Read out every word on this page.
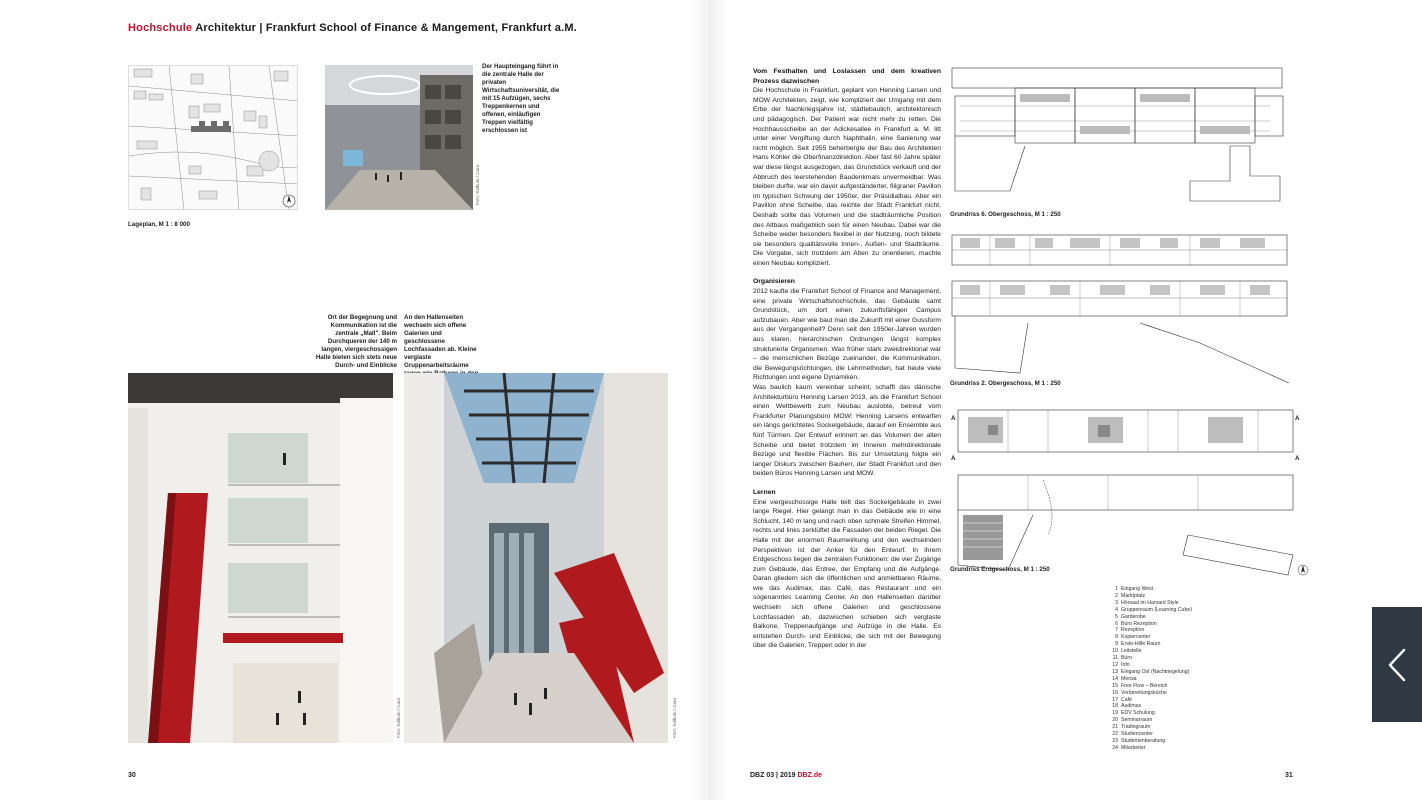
Hochschule Architektur | Frankfurt School of Finance & Mangement, Frankfurt a.M.
Lageplan, M 1 : 8 000
Foto: Kalkum / Cara
Der Haupteingang führt in die zentrale Halle der privaten Wirtschaftsuniversität, die mit 15 Aufzügen, sechs Treppenkernen und offenen, einläufigen Treppen vielfältig erschlossen ist
Ort der Begegnung und Kommunikation ist die zentrale „Mall". Beim Durchqueren der 140 m langen, viergeschossigen Halle bieten sich stets neue Durch- und Einblicke
An den Hallenseiten wechseln sich offene Galerien und geschlossene Lochfassaden ab. Kleine verglaste Gruppenarbeitsräume
Foto: Kalkum / Cara	Foto: Kalkum / Cara
Vom Festhalten und Loslassen und dem kreativen Prozess dazwischen

Die Hochschule in Frankfurt, geplant von Henning Larsen und MOW Architekten, zeigt, wie kompliziert der Umgang mit dem Erbe der Nachkriegsjahre ist, städtebaulich, architektonisch und pädagogisch. Der Patient war nicht mehr zu retten. Die Hochhausscheibe an der Adickesallee in Frankfurt a. M. litt unter einer Vergiftung durch Naphthalin, eine Sanierung war nicht möglich. Seit 1955 beherbergte der Bau des Architekten Hans Köhler die Oberfinanzdirektion. Aber fast 60 Jahre später war diese längst ausgezogen, das Grundstück verkauft und der Abbruch des leerstehenden Baudenkmals unvermeidbar. Was bleiben durfte, war ein davor aufgeständerter, filigraner Pavillon im typischen Schwung der 1950er, der Präsidialbau. Aber ein Pavillon ohne Scheibe, das reichte der Stadt Frankfurt nicht. Deshalb sollte das Volumen und die stadträumliche Position des Altbaus maßgeblich sein für einen Neubau. Dabei war die Scheibe weder besonders flexibel in der Nutzung, noch bildete sie besonders qualitätsvolle Innen-, Außen- und Stadträume. Die Vorgabe, sich trotzdem am Alten zu orientieren, machte einen Neubau kompliziert.

Organisieren

2012 kaufte die Frankfurt School of Finance and Management, eine private Wirtschaftshochschule, das Gebäude samt Grundstück, um dort einen zukunftsfähigen Campus aufzubauen. Aber wie baut man die Zukunft mit einer Gussform aus der Vergangenheit? Denn seit den 1950er-Jahren wurden aus klaren, hierarchischen Ordnungen längst komplex strukturierte Organismen. Was früher stark zweidirektional war – die menschlichen Bezüge zueinander, die Kommunikation, die Bewegungsrichtungen, die Lehrmethoden, hat heute viele Richtungen und eigene Dynamiken.

Was baulich kaum vereinbar scheint, schafft das dänische Architekturbüro Henning Larsen 2013, als die Frankfurt School einen Wettbewerb zum Neubau auslobte, betreut vom Frankfurter Planungsbüro MOW: Henning Larsens entwarfen ein längs gerichtetes Sockelgebäude, darauf ein Ensemble aus fünf Türmen. Der Entwurf erinnert an das Volumen der alten Scheibe und bietet trotzdem im Inneren mehrdirektionale Bezüge und flexible Flächen. Bis zur Umsetzung folgte ein langer Diskurs zwischen Bauherr, der Stadt Frankfurt und den beiden Büros Henning Larsen und MOW.

Lernen

Eine viergeschossige Halle teilt das Sockelgebäude in zwei lange Riegel. Hier gelangt man in das Gebäude wie in eine Schlucht, 140 m lang und nach oben schmale Streifen Himmel, rechts und links zerklüftet die Fassaden der beiden Riegel. Die Halle mit der enormen Raumwirkung und den wechselnden Perspektiven ist der Anker für den Entwurf. In ihrem Erdgeschoss liegen die zentralen Funktionen: die vier Zugänge zum Gebäude, das Entree, der Empfang und die Aufgänge. Daran gliedern sich die öffentlichen und anmietbaren Räume, wie das Audimax, das Café, das Restaurant und ein sogenanntes Learning Center. An den Hallenseiten darüber wechseln sich offene Galerien und geschlossene Lochfassaden ab, dazwischen schieben sich verglaste Balkone, Treppenaufgänge und Aufzüge in die Halle. Es entstehen Durch- und Einblicke, die sich mit der Bewegung über die Galerien, Treppen oder in der

Grundriss 6. Obergeschoss, M 1 : 250
Grundriss 2. Obergeschoss, M 1 : 250
A
A
A
A
Grundriss Erdgeschoss, M 1 : 250
1 Eingang West
2 Marktplatz
3 Hörsaal im Harvard Style
4 Gruppenraum (Learning Cube)
5 Garderobe
6 Büro Rezeption
7 Rezeption
8 Kopiercenter
9 Erste-Hilfe Raum
10 Leitstelle
11 Büro
12 Info
13 Eingang Ost (Nachtriegelung)
14 Mensa
15 Free Flow – Bereich
16 Vorbereitungsküche
17 Café
18 Audimax
19 EDV Schulung
20 Seminarraum
21 Tradingraum
22 Studiencenter
23 Studentenberatung
24 Mitarbeiter
30	DBZ 03 | 2019 DBZ.de	31
